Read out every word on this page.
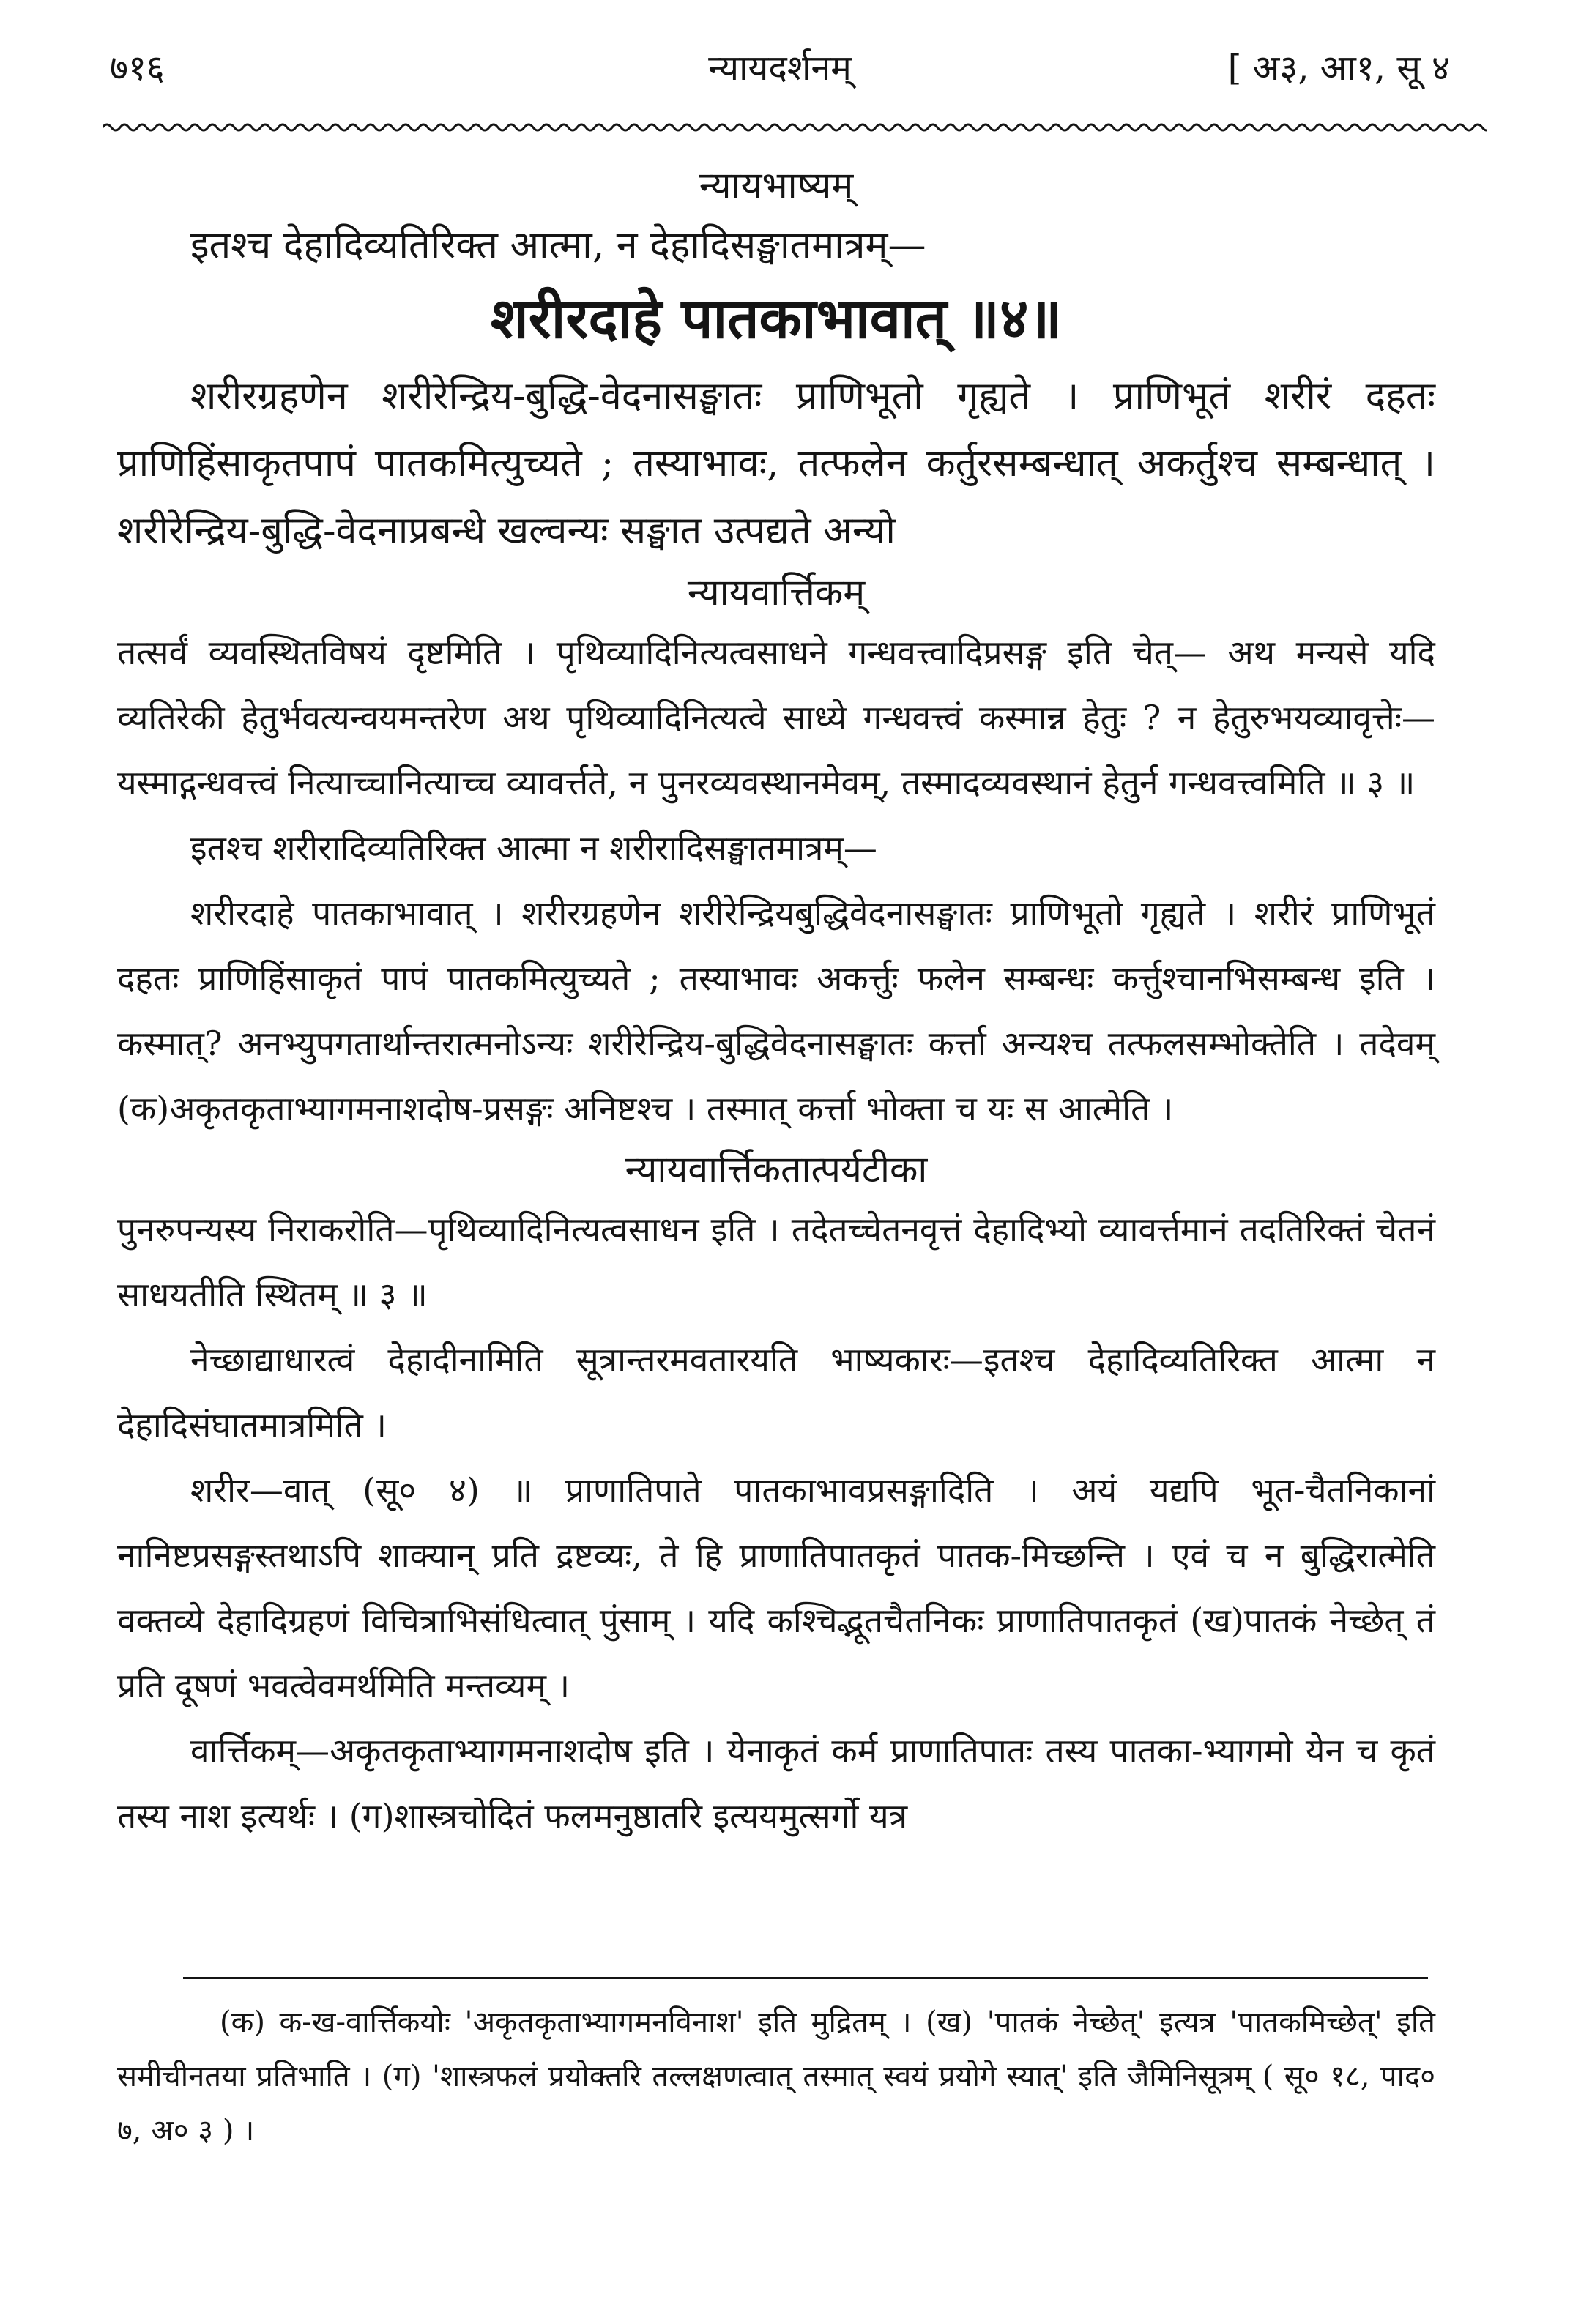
७१६	न्यायदर्शनम्	[ अ३, आ१, सू ४
न्यायभाष्यम्

इतश्च देहादिव्यतिरिक्त आत्मा, न देहादिसङ्घातमात्रम्—

शरीरदाहे पातकाभावात् ॥४॥

शरीरग्रहणेन शरीरेन्द्रिय-बुद्धि-वेदनासङ्घातः प्राणिभूतो गृह्यते । प्राणिभूतं शरीरं दहतः प्राणिहिंसाकृतपापं पातकमित्युच्यते ; तस्याभावः, तत्फलेन कर्तुरसम्बन्धात् अकर्तुश्च सम्बन्धात् । शरीरेन्द्रिय-बुद्धि-वेदनाप्रबन्धे खल्वन्यः सङ्घात उत्पद्यते अन्यो

न्यायवार्त्तिकम्

तत्सर्वं व्यवस्थितविषयं दृष्टमिति । पृथिव्यादिनित्यत्वसाधने गन्धवत्त्वादिप्रसङ्ग इति चेत्— अथ मन्यसे यदि व्यतिरेकी हेतुर्भवत्यन्वयमन्तरेण अथ पृथिव्यादिनित्यत्वे साध्ये गन्धवत्त्वं कस्मान्न हेतुः ? न हेतुरुभयव्यावृत्तेः—यस्माद्गन्धवत्त्वं नित्याच्चानित्याच्च व्यावर्त्तते, न पुनरव्यवस्थानमेवम्, तस्मादव्यवस्थानं हेतुर्न गन्धवत्त्वमिति ॥ ३ ॥

इतश्च शरीरादिव्यतिरिक्त आत्मा न शरीरादिसङ्घातमात्रम्—

शरीरदाहे पातकाभावात् । शरीरग्रहणेन शरीरेन्द्रियबुद्धिवेदनासङ्घातः प्राणिभूतो गृह्यते । शरीरं प्राणिभूतं दहतः प्राणिहिंसाकृतं पापं पातकमित्युच्यते ; तस्याभावः अकर्त्तुः फलेन सम्बन्धः कर्त्तुश्चानभिसम्बन्ध इति । कस्मात्? अनभ्युपगतार्थान्तरात्मनोऽन्यः शरीरेन्द्रिय-बुद्धिवेदनासङ्घातः कर्त्ता अन्यश्च तत्फलसम्भोक्तेति । तदेवम् (क)अकृतकृताभ्यागमनाशदोष-प्रसङ्गः अनिष्टश्च । तस्मात् कर्त्ता भोक्ता च यः स आत्मेति ।

न्यायवार्त्तिकतात्पर्यटीका

पुनरुपन्यस्य निराकरोति—पृथिव्यादिनित्यत्वसाधन इति । तदेतच्चेतनवृत्तं देहादिभ्यो व्यावर्त्तमानं तदतिरिक्तं चेतनं साधयतीति स्थितम् ॥ ३ ॥

नेच्छाद्याधारत्वं देहादीनामिति सूत्रान्तरमवतारयति भाष्यकारः—इतश्च देहादिव्यतिरिक्त आत्मा न देहादिसंघातमात्रमिति ।

शरीर—वात् (सू० ४) ॥ प्राणातिपाते पातकाभावप्रसङ्गादिति । अयं यद्यपि भूत-चैतनिकानां नानिष्टप्रसङ्गस्तथाऽपि शाक्यान् प्रति द्रष्टव्यः, ते हि प्राणातिपातकृतं पातक-मिच्छन्ति । एवं च न बुद्धिरात्मेति वक्तव्ये देहादिग्रहणं विचित्राभिसंधित्वात् पुंसाम् । यदि कश्चिद्भूतचैतनिकः प्राणातिपातकृतं (ख)पातकं नेच्छेत् तं प्रति दूषणं भवत्वेवमर्थमिति मन्तव्यम् ।

वार्त्तिकम्—अकृतकृताभ्यागमनाशदोष इति । येनाकृतं कर्म प्राणातिपातः तस्य पातका-भ्यागमो येन च कृतं तस्य नाश इत्यर्थः । (ग)शास्त्रचोदितं फलमनुष्ठातरि इत्ययमुत्सर्गो यत्र

(क) क-ख-वार्त्तिकयोः 'अकृतकृताभ्यागमनविनाश' इति मुद्रितम् । (ख) 'पातकं नेच्छेत्' इत्यत्र 'पातकमिच्छेत्' इति समीचीनतया प्रतिभाति । (ग) 'शास्त्रफलं प्रयोक्तरि तल्लक्षणत्वात् तस्मात् स्वयं प्रयोगे स्यात्' इति जैमिनिसूत्रम् ( सू० १८, पाद० ७, अ० ३ ) ।
